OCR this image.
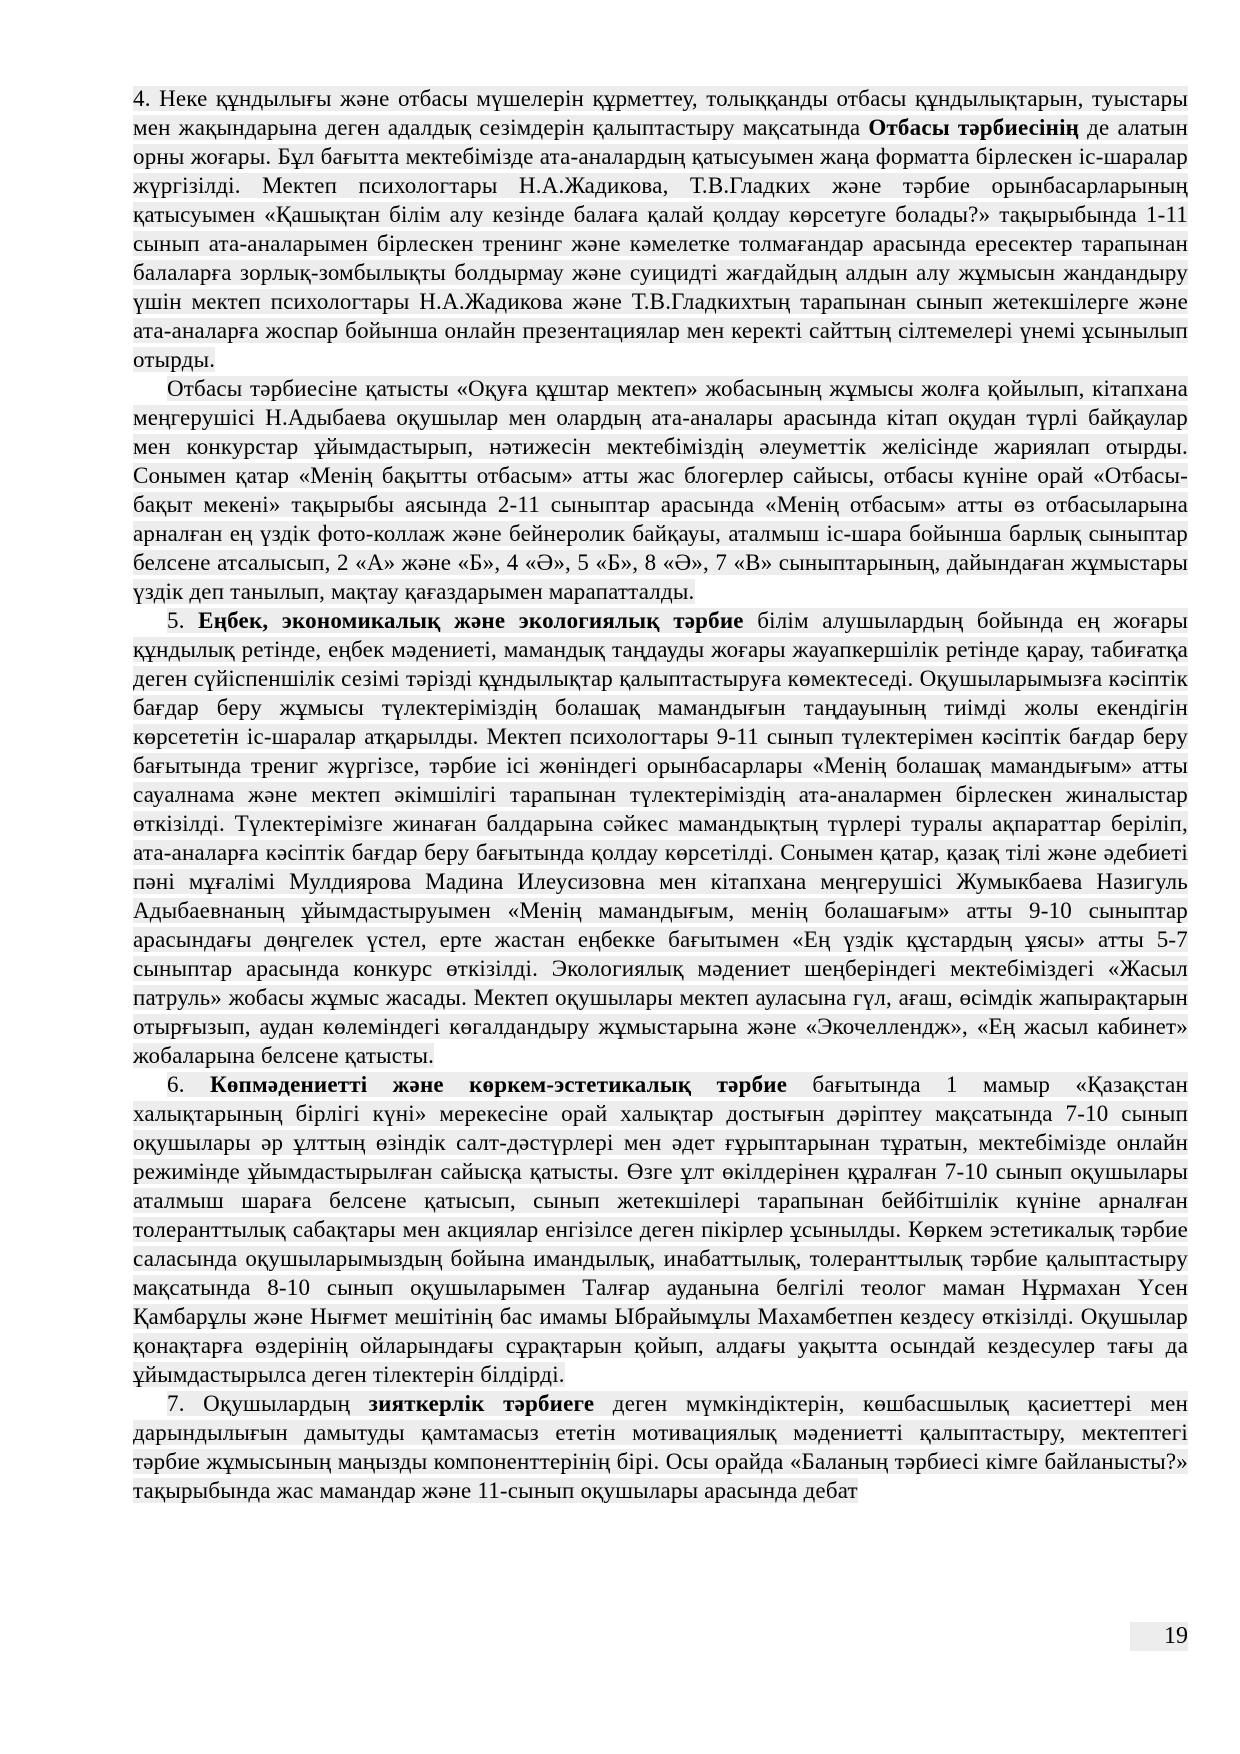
4. Неке құндылығы және отбасы мүшелерін құрметтеу, толыққанды отбасы құндылықтарын, туыстары мен жақындарына деген адалдық сезімдерін қалыптастыру мақсатында Отбасы тәрбиесінің де алатын орны жоғары. Бұл бағытта мектебімізде ата-аналардың қатысуымен жаңа форматта бірлескен іс-шаралар жүргізілді. Мектеп психологтары Н.А.Жадикова, Т.В.Гладких және тәрбие орынбасарларының қатысуымен «Қашықтан білім алу кезінде балаға қалай қолдау көрсетуге болады?» тақырыбында 1-11 сынып ата-аналарымен бірлескен тренинг және кәмелетке толмағандар арасында ересектер тарапынан балаларға зорлық-зомбылықты болдырмау және суицидті жағдайдың алдын алу жұмысын жандандыру үшін мектеп психологтары Н.А.Жадикова және Т.В.Гладкихтың тарапынан сынып жетекшілерге және ата-аналарға жоспар бойынша онлайн презентациялар мен керекті сайттың сілтемелері үнемі ұсынылып отырды.

Отбасы тәрбиесіне қатысты «Оқуға құштар мектеп» жобасының жұмысы жолға қойылып, кітапхана меңгерушісі Н.Адыбаева оқушылар мен олардың ата-аналары арасында кітап оқудан түрлі байқаулар мен конкурстар ұйымдастырып, нәтижесін мектебіміздің әлеуметтік желісінде жариялап отырды. Сонымен қатар «Менің бақытты отбасым» атты жас блогерлер сайысы, отбасы күніне орай «Отбасы-бақыт мекені» тақырыбы аясында 2-11 сыныптар арасында «Менің отбасым» атты өз отбасыларына арналған ең үздік фото-коллаж және бейнеролик байқауы, аталмыш іс-шара бойынша барлық сыныптар белсене атсалысып, 2 «А» және «Б», 4 «Ә», 5 «Б», 8 «Ә», 7 «В» сыныптарының, дайындаған жұмыстары үздік деп танылып, мақтау қағаздарымен марапатталды.

5. Еңбек, экономикалық және экологиялық тәрбие білім алушылардың бойында ең жоғары құндылық ретінде, еңбек мәдениеті, мамандық таңдауды жоғары жауапкершілік ретінде қарау, табиғатқа деген сүйіспеншілік сезімі тәрізді құндылықтар қалыптастыруға көмектеседі. Оқушыларымызға кәсіптік бағдар беру жұмысы түлектеріміздің болашақ мамандығын таңдауының тиімді жолы екендігін көрсететін іс-шаралар атқарылды. Мектеп психологтары 9-11 сынып түлектерімен кәсіптік бағдар беру бағытында трениг жүргізсе, тәрбие ісі жөніндегі орынбасарлары «Менің болашақ мамандығым» атты сауалнама және мектеп әкімшілігі тарапынан түлектеріміздің ата-аналармен бірлескен жиналыстар өткізілді. Түлектерімізге жинаған балдарына сәйкес мамандықтың түрлері туралы ақпараттар беріліп, ата-аналарға кәсіптік бағдар беру бағытында қолдау көрсетілді. Сонымен қатар, қазақ тілі және әдебиеті пәні мұғалімі Мулдиярова Мадина Илеусизовна мен кітапхана меңгерушісі Жумыкбаева Назигуль Адыбаевнаның ұйымдастыруымен «Менің мамандығым, менің болашағым» атты 9-10 сыныптар арасындағы дөңгелек үстел, ерте жастан еңбекке бағытымен «Ең үздік құстардың ұясы» атты 5-7 сыныптар арасында конкурс өткізілді. Экологиялық мәдениет шеңберіндегі мектебіміздегі «Жасыл патруль» жобасы жұмыс жасады. Мектеп оқушылары мектеп ауласына гүл, ағаш, өсімдік жапырақтарын отырғызып, аудан көлеміндегі көгалдандыру жұмыстарына және «Экочеллендж», «Ең жасыл кабинет» жобаларына белсене қатысты.

6. Көпмәдениетті және көркем-эстетикалық тәрбие бағытында 1 мамыр «Қазақстан халықтарының бірлігі күні» мерекесіне орай халықтар достығын дәріптеу мақсатында 7-10 сынып оқушылары әр ұлттың өзіндік салт-дәстүрлері мен әдет ғұрыптарынан тұратын, мектебімізде онлайн режимінде ұйымдастырылған сайысқа қатысты. Өзге ұлт өкілдерінен құралған 7-10 сынып оқушылары аталмыш шараға белсене қатысып, сынып жетекшілері тарапынан бейбітшілік күніне арналған толеранттылық сабақтары мен акциялар енгізілсе деген пікірлер ұсынылды. Көркем эстетикалық тәрбие саласында оқушыларымыздың бойына имандылық, инабаттылық, толеранттылық тәрбие қалыптастыру мақсатында 8-10 сынып оқушыларымен Талғар ауданына белгілі теолог маман Нұрмахан Үсен Қамбарұлы және Нығмет мешітінің бас имамы Ыбрайымұлы Махамбетпен кездесу өткізілді. Оқушылар қонақтарға өздерінің ойларындағы сұрақтарын қойып, алдағы уақытта осындай кездесулер тағы да ұйымдастырылса деген тілектерін білдірді.

7. Оқушылардың зияткерлік тәрбиеге деген мүмкіндіктерін, көшбасшылық қасиеттері мен дарындылығын дамытуды қамтамасыз ететін мотивациялық мәдениетті қалыптастыру, мектептегі тәрбие жұмысының маңызды компоненттерінің бірі. Осы орайда «Баланың тәрбиесі кімге байланысты?» тақырыбында жас мамандар және 11-сынып оқушылары арасында дебат

19
